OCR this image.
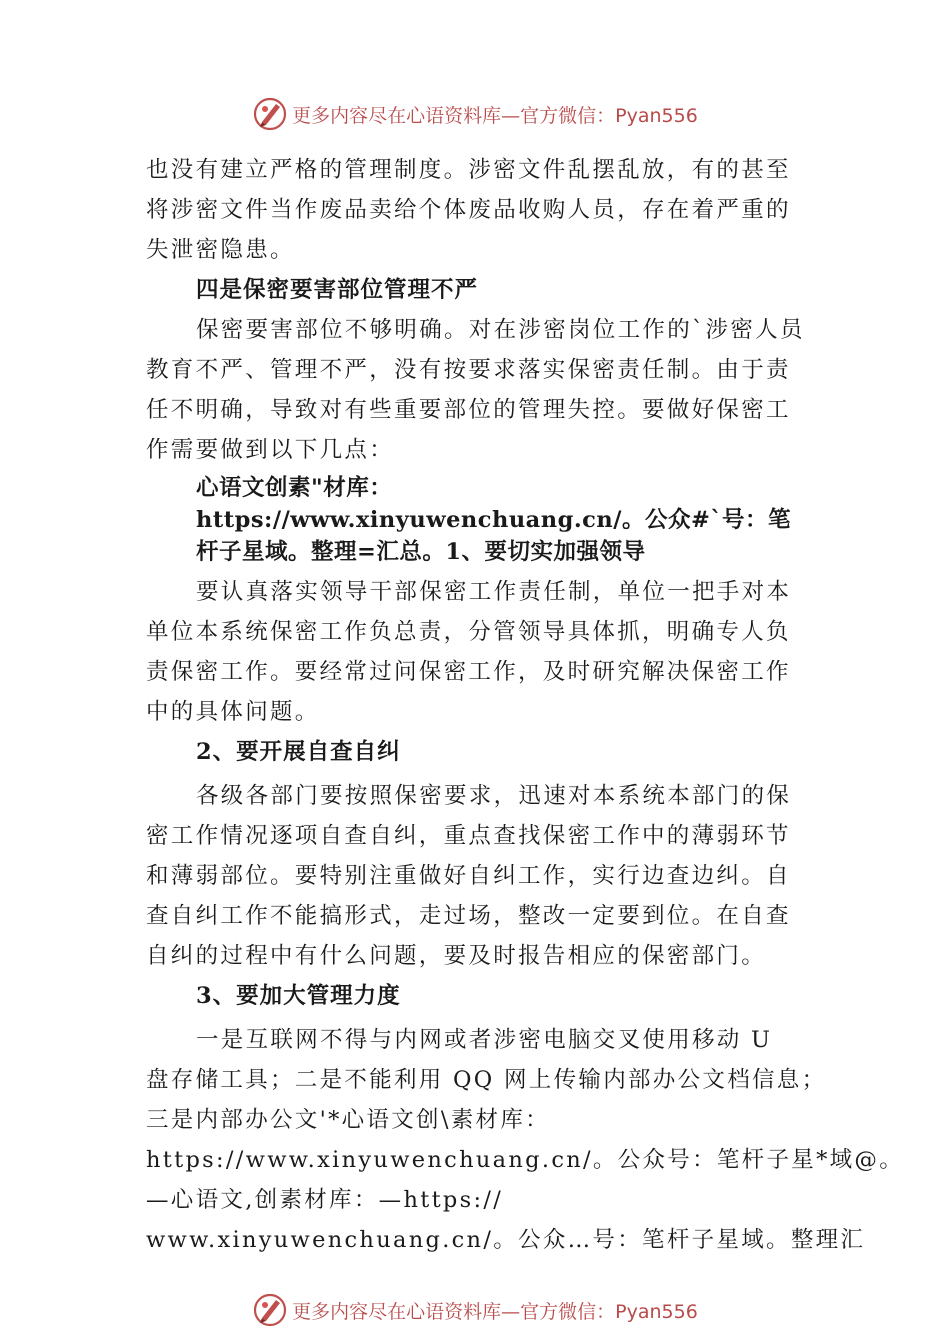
更多内容尽在心语资料库—官方微信：Pyan556

也没有建立严格的管理制度。涉密文件乱摆乱放，有的甚至

将涉密文件当作废品卖给个体废品收购人员，存在着严重的

失泄密隐患。

四是保密要害部位管理不严

保密要害部位不够明确。对在涉密岗位工作的`涉密人员

教育不严、管理不严，没有按要求落实保密责任制。由于责

任不明确，导致对有些重要部位的管理失控。要做好保密工

作需要做到以下几点：

心语文创素"材库：https://www.xinyuwenchuang.cn/。公众#`号：笔杆子星域。整理=汇总。1、要切实加强领导

要认真落实领导干部保密工作责任制，单位一把手对本

单位本系统保密工作负总责，分管领导具体抓，明确专人负

责保密工作。要经常过问保密工作，及时研究解决保密工作

中的具体问题。

2、要开展自查自纠

各级各部门要按照保密要求，迅速对本系统本部门的保

密工作情况逐项自查自纠，重点查找保密工作中的薄弱环节

和薄弱部位。要特别注重做好自纠工作，实行边查边纠。自

查自纠工作不能搞形式，走过场，整改一定要到位。在自查

自纠的过程中有什么问题，要及时报告相应的保密部门。

3、要加大管理力度

一是互联网不得与内网或者涉密电脑交叉使用移动 U

盘存储工具；二是不能利用 QQ 网上传输内部办公文档信息；

三是内部办公文'*心语文创\素材库：

https://www.xinyuwenchuang.cn/。公众号：笔杆子星*域@。

—心语文,创素材库：—https://

www.xinyuwenchuang.cn/。公众…号：笔杆子星域。整理汇

更多内容尽在心语资料库—官方微信：Pyan556
